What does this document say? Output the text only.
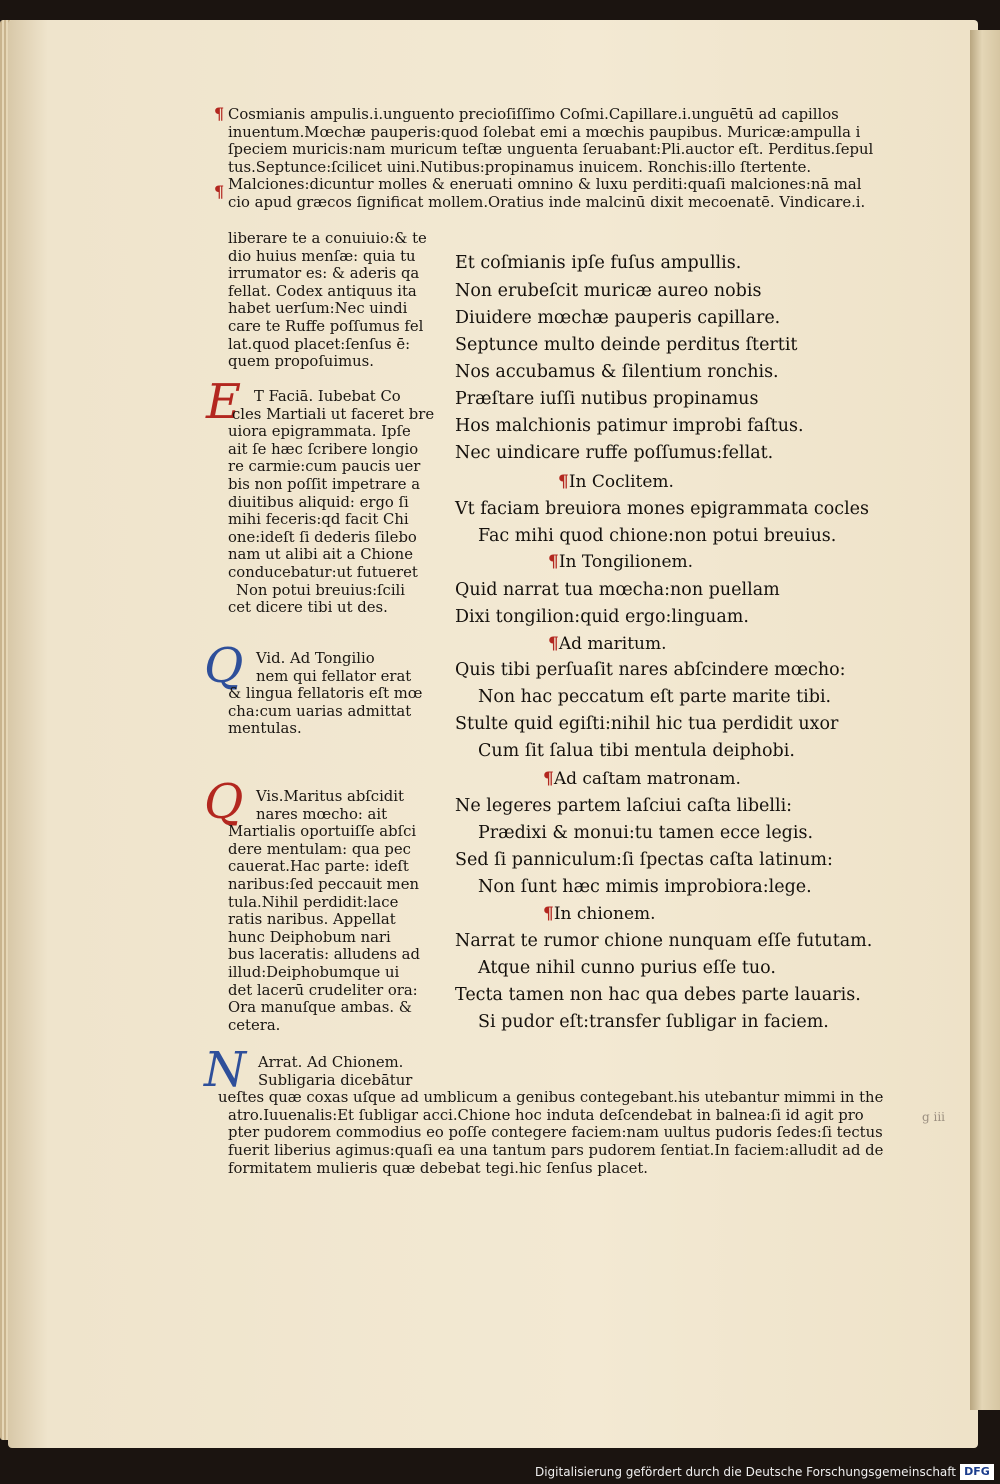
Cosmianis ampulis.i.unguento precioſiſſimo Coſmi.Capillare.i.unguētū ad capillos
inuentum.Mœchæ pauperis:quod ſolebat emi a mœchis paupibus. Muricæ:ampulla i
ſpeciem muricis:nam muricum teſtæ unguenta ſeruabant:Pli.auctor eſt. Perditus.ſepul
tus.Septunce:ſcilicet uini.Nutibus:propinamus inuicem. Ronchis:illo ſtertente.
Malciones:dicuntur molles & eneruati omnino & luxu perditi:quaſi malciones:nā mal
cio apud græcos ſignificat mollem.Oratius inde malcinū dixit mecoenatē. Vindicare.i.
¶
¶
liberare te a conuiuio:& te
dio huius menſæ: quia tu
irrumator es: & aderis qa
fellat. Codex antiquus ita
habet uerſum:Nec uindi
care te Ruffe poſſumus fel
lat.quod placet:ſenſus ē:
quem propoſuimus.
E T Faciā. Iubebat Co
cles Martiali ut faceret bre
uiora epigrammata. Ipſe
ait ſe hæc ſcribere longio
re carmie:cum paucis uer
bis non poſſit impetrare a
diuitibus aliquid: ergo ſi
mihi feceris:qd facit Chi
one:ideſt ſi dederis ſilebo
nam ut alibi ait a Chione
conducebatur:ut futueret
Non potui breuius:ſcili
cet dicere tibi ut des.
Q Vid. Ad Tongilio
nem qui fellator erat
& lingua fellatoris eſt mœ
cha:cum uarias admittat
mentulas.
Q Vis.Maritus abſcidit
nares mœcho: ait
Martialis oportuiſſe abſci
dere mentulam: qua pec
cauerat.Hac parte: ideſt
naribus:ſed peccauit men
tula.Nihil perdidit:lace
ratis naribus. Appellat
hunc Deiphobum nari
bus laceratis: alludens ad
illud:Deiphobumque ui
det lacerū crudeliter ora:
Ora manuſque ambas. &
cetera.
N Arrat. Ad Chionem.
Subligaria dicebātur
ueſtes quæ coxas uſque ad umblicum a genibus contegebant.his utebantur mimmi in the
atro.Iuuenalis:Et ſubligar acci.Chione hoc induta deſcendebat in balnea:ſi id agit pro
pter pudorem commodius eo poſſe contegere faciem:nam uultus pudoris ſedes:ſi tectus
fuerit liberius agimus:quaſi ea una tantum pars pudorem ſentiat.In faciem:alludit ad de
formitatem mulieris quæ debebat tegi.hic ſenſus placet.
Et coſmianis ipſe fuſus ampullis.
Non erubeſcit muricæ aureo nobis
Diuidere mœchæ pauperis capillare.
Septunce multo deinde perditus ſtertit
Nos accubamus & ſilentium ronchis.
Præſtare iuſſi nutibus propinamus
Hos malchionis patimur improbi faſtus.
Nec uindicare ruffe poſſumus:fellat.
¶In Coclitem.
Vt faciam breuiora mones epigrammata cocles
Fac mihi quod chione:non potui breuius.
¶In Tongilionem.
Quid narrat tua mœcha:non puellam
Dixi tongilion:quid ergo:linguam.
¶Ad maritum.
Quis tibi perſuaſit nares abſcindere mœcho:
Non hac peccatum eſt parte marite tibi.
Stulte quid egiſti:nihil hic tua perdidit uxor
Cum ſit ſalua tibi mentula deiphobi.
¶Ad caſtam matronam.
Ne legeres partem laſciui caſta libelli:
Prædixi & monui:tu tamen ecce legis.
Sed ſi panniculum:ſi ſpectas caſta latinum:
Non ſunt hæc mimis improbiora:lege.
¶In chionem.
Narrat te rumor chione nunquam eſſe fututam.
Atque nihil cunno purius eſſe tuo.
Tecta tamen non hac qua debes parte lauaris.
Si pudor eſt:transfer ſubligar in faciem.
g iii
Digitalisierung gefördert durch die Deutsche Forschungsgemeinschaft DFG
